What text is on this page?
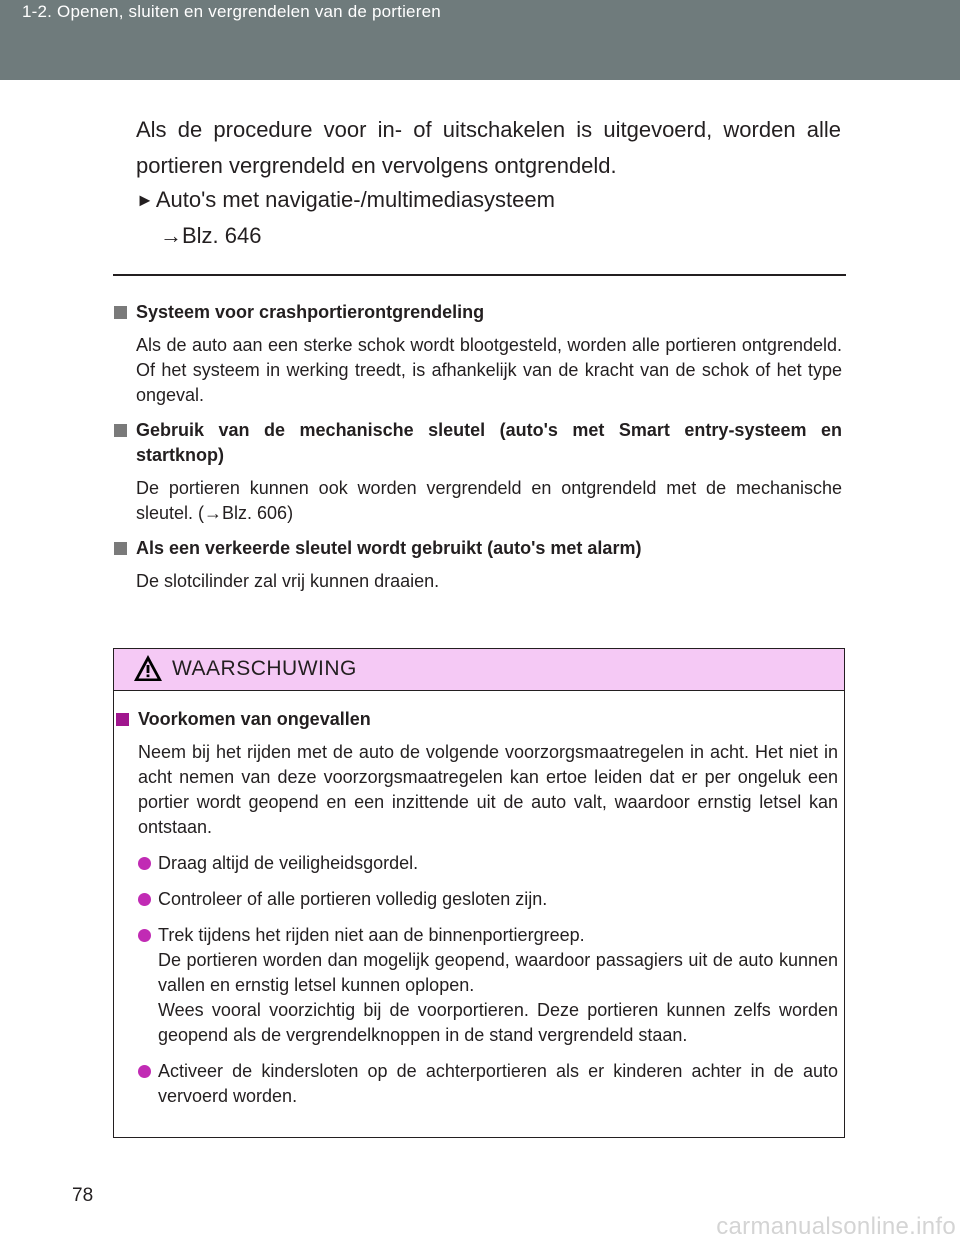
1-2. Openen, sluiten en vergrendelen van de portieren
Als de procedure voor in- of uitschakelen is uitgevoerd, worden alle portieren vergrendeld en vervolgens ontgrendeld.
►Auto's met navigatie-/multimediasysteem
→Blz. 646
Systeem voor crashportierontgrendeling
Als de auto aan een sterke schok wordt blootgesteld, worden alle portieren ontgrendeld. Of het systeem in werking treedt, is afhankelijk van de kracht van de schok of het type ongeval.
Gebruik van de mechanische sleutel (auto's met Smart entry-systeem en startknop)
De portieren kunnen ook worden vergrendeld en ontgrendeld met de mechanische sleutel. (→Blz. 606)
Als een verkeerde sleutel wordt gebruikt (auto's met alarm)
De slotcilinder zal vrij kunnen draaien.
WAARSCHUWING
Voorkomen van ongevallen
Neem bij het rijden met de auto de volgende voorzorgsmaatregelen in acht. Het niet in acht nemen van deze voorzorgsmaatregelen kan ertoe leiden dat er per ongeluk een portier wordt geopend en een inzittende uit de auto valt, waardoor ernstig letsel kan ontstaan.
Draag altijd de veiligheidsgordel.
Controleer of alle portieren volledig gesloten zijn.
Trek tijdens het rijden niet aan de binnenportiergreep.
De portieren worden dan mogelijk geopend, waardoor passagiers uit de auto kunnen vallen en ernstig letsel kunnen oplopen.
Wees vooral voorzichtig bij de voorportieren. Deze portieren kunnen zelfs worden geopend als de vergrendelknoppen in de stand vergrendeld staan.
Activeer de kindersloten op de achterportieren als er kinderen achter in de auto vervoerd worden.
78
carmanualsonline.info
